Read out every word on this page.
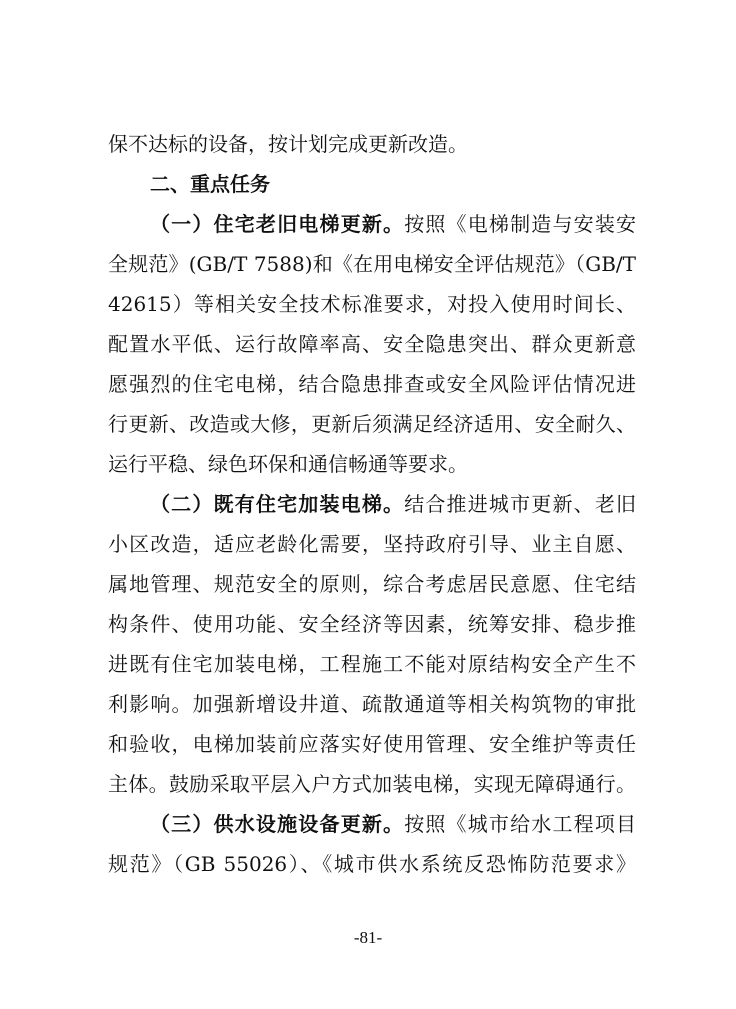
保不达标的设备，按计划完成更新改造。
二、重点任务
（一）住宅老旧电梯更新。按照《电梯制造与安装安
全规范》(GB/T 7588)和《在用电梯安全评估规范》（GB/T
42615）等相关安全技术标准要求，对投入使用时间长、
配置水平低、运行故障率高、安全隐患突出、群众更新意
愿强烈的住宅电梯，结合隐患排查或安全风险评估情况进
行更新、改造或大修，更新后须满足经济适用、安全耐久、
运行平稳、绿色环保和通信畅通等要求。
（二）既有住宅加装电梯。结合推进城市更新、老旧
小区改造，适应老龄化需要，坚持政府引导、业主自愿、
属地管理、规范安全的原则，综合考虑居民意愿、住宅结
构条件、使用功能、安全经济等因素，统筹安排、稳步推
进既有住宅加装电梯，工程施工不能对原结构安全产生不
利影响。加强新增设井道、疏散通道等相关构筑物的审批
和验收，电梯加装前应落实好使用管理、安全维护等责任
主体。鼓励采取平层入户方式加装电梯，实现无障碍通行。
（三）供水设施设备更新。按照《城市给水工程项目
规范》（GB 55026）、《城市供水系统反恐怖防范要求》
-81-
